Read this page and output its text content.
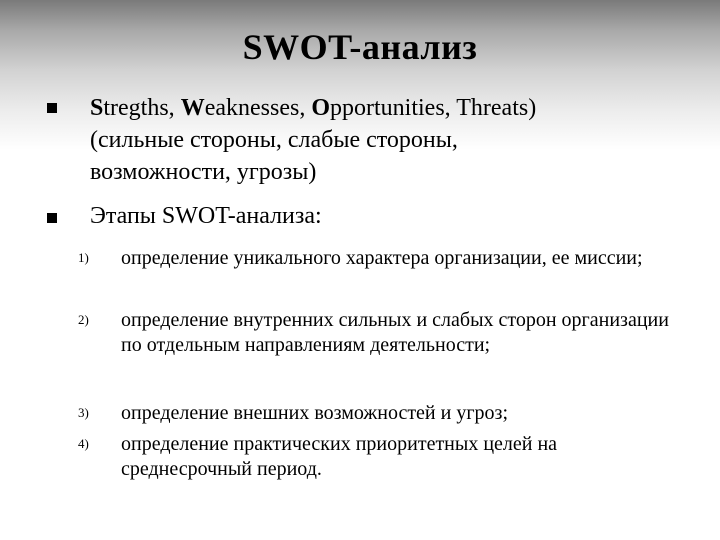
SWOT-анализ
Stregths, Weaknesses, Opportunities, Threats)
(сильные стороны, слабые стороны,
возможности, угрозы)
Этапы SWOT-анализа:
1) определение уникального характера организации, ее миссии;
2) определение внутренних сильных и слабых сторон организации по отдельным направлениям деятельности;
3) определение внешних возможностей и угроз;
4) определение практических приоритетных целей на среднесрочный период.
